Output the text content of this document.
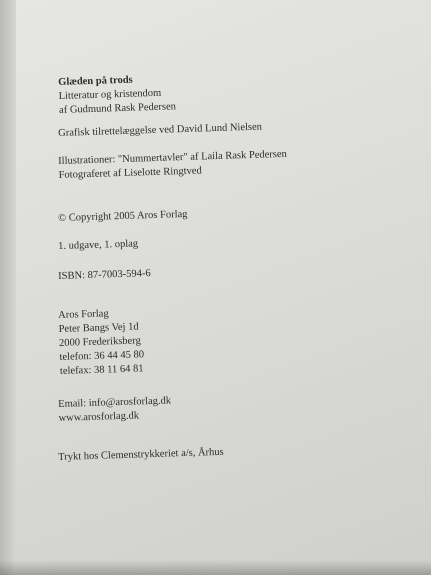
Glæden på trods
Litteratur og kristendom
af Gudmund Rask Pedersen
Grafisk tilrettelæggelse ved David Lund Nielsen
Illustrationer: "Nummertavler" af Laila Rask Pedersen
Fotograferet af Liselotte Ringtved
© Copyright 2005 Aros Forlag
1. udgave, 1. oplag
ISBN: 87-7003-594-6
Aros Forlag
Peter Bangs Vej 1d
2000 Frederiksberg
telefon: 36 44 45 80
telefax: 38 11 64 81
Email: info@arosforlag.dk
www.arosforlag.dk
Trykt hos Clemenstrykkeriet a/s, Århus
